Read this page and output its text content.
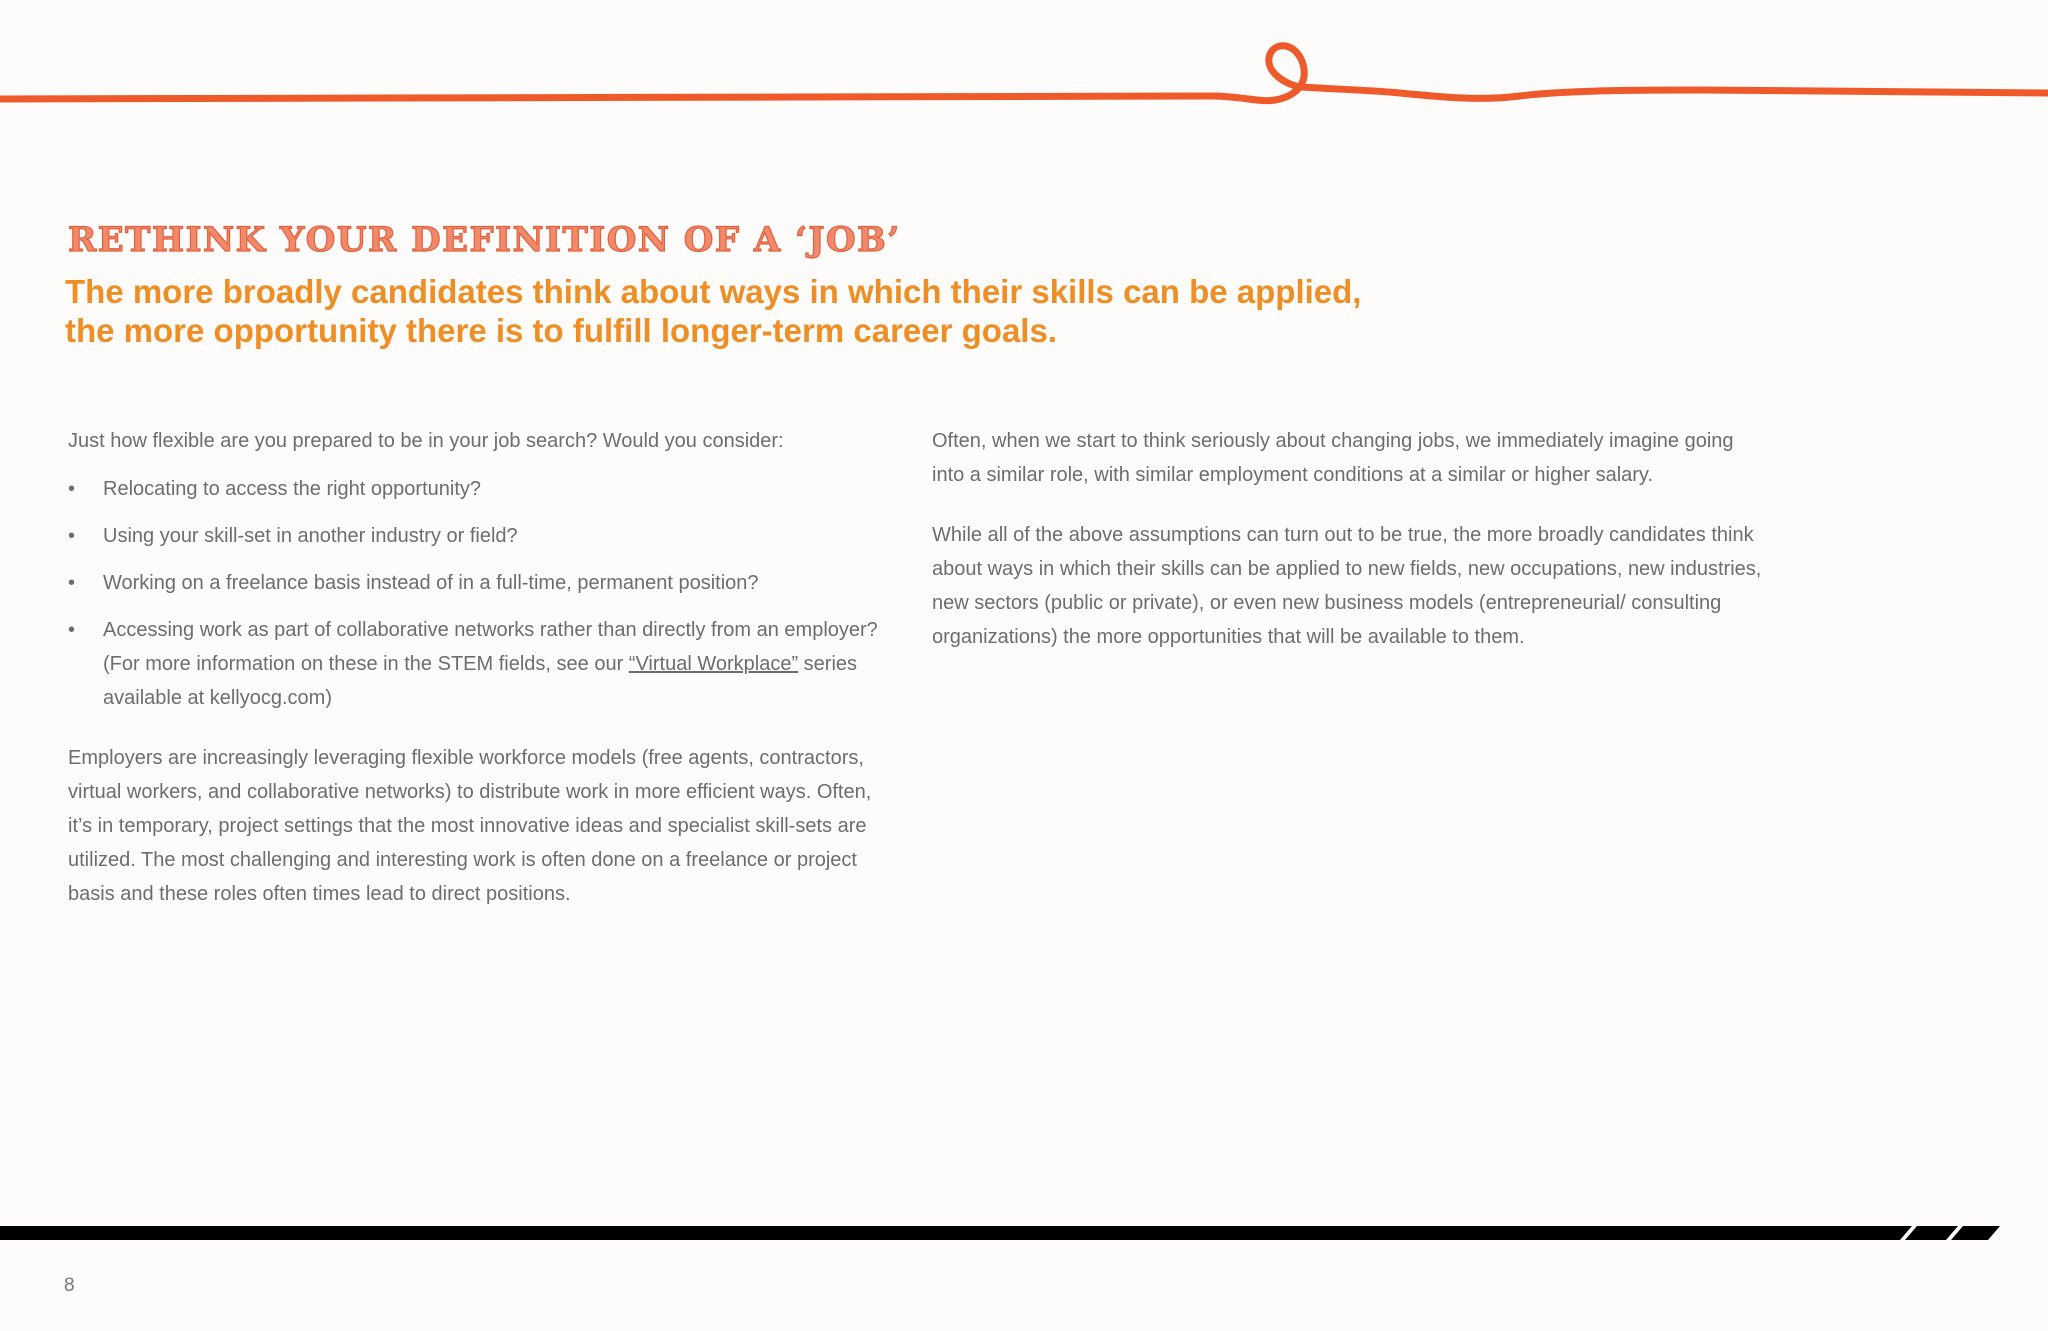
RETHINK YOUR DEFINITION OF A ‘JOB’
The more broadly candidates think about ways in which their skills can be applied,
the more opportunity there is to fulfill longer-term career goals.

Just how flexible are you prepared to be in your job search? Would you consider:

• Relocating to access the right opportunity?
• Using your skill-set in another industry or field?
• Working on a freelance basis instead of in a full-time, permanent position?
• Accessing work as part of collaborative networks rather than directly from an employer? (For more information on these in the STEM fields, see our “Virtual Workplace” series available at kellyocg.com)

Employers are increasingly leveraging flexible workforce models (free agents, contractors, virtual workers, and collaborative networks) to distribute work in more efficient ways. Often, it’s in temporary, project settings that the most innovative ideas and specialist skill-sets are utilized. The most challenging and interesting work is often done on a freelance or project basis and these roles often times lead to direct positions.

Often, when we start to think seriously about changing jobs, we immediately imagine going into a similar role, with similar employment conditions at a similar or higher salary.

While all of the above assumptions can turn out to be true, the more broadly candidates think about ways in which their skills can be applied to new fields, new occupations, new industries, new sectors (public or private), or even new business models (entrepreneurial/ consulting organizations) the more opportunities that will be available to them.

8
